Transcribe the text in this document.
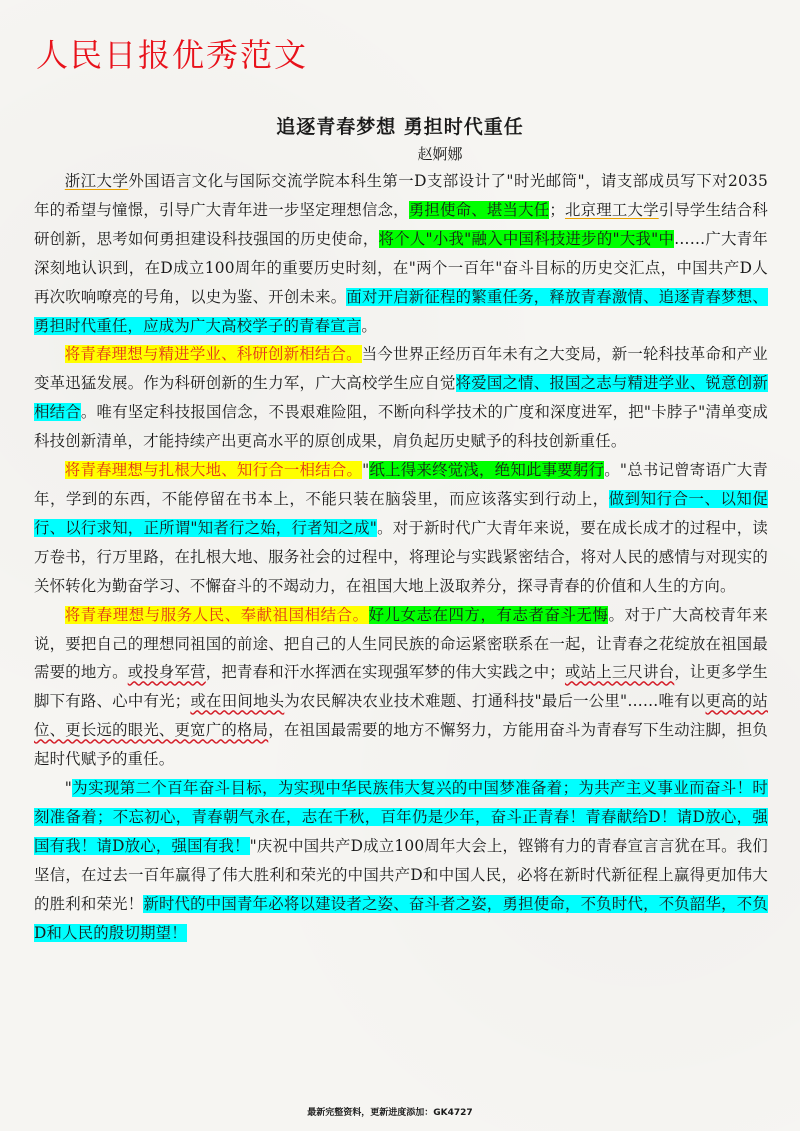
人民日报优秀范文
追逐青春梦想 勇担时代重任
赵婀娜

浙江大学外国语言文化与国际交流学院本科生第一D支部设计了"时光邮筒"，请支部成员写下对2035年的希望与憧憬，引导广大青年进一步坚定理想信念，勇担使命、堪当大任；北京理工大学引导学生结合科研创新，思考如何勇担建设科技强国的历史使命，将个人"小我"融入中国科技进步的"大我"中……广大青年深刻地认识到，在D成立100周年的重要历史时刻，在"两个一百年"奋斗目标的历史交汇点，中国共产D人再次吹响嘹亮的号角，以史为鉴、开创未来。面对开启新征程的繁重任务，释放青春激情、追逐青春梦想、勇担时代重任，应成为广大高校学子的青春宣言。

将青春理想与精进学业、科研创新相结合。当今世界正经历百年未有之大变局，新一轮科技革命和产业变革迅猛发展。作为科研创新的生力军，广大高校学生应自觉将爱国之情、报国之志与精进学业、锐意创新相结合。唯有坚定科技报国信念，不畏艰难险阻，不断向科学技术的广度和深度进军，把"卡脖子"清单变成科技创新清单，才能持续产出更高水平的原创成果，肩负起历史赋予的科技创新重任。

将青春理想与扎根大地、知行合一相结合。"纸上得来终觉浅，绝知此事要躬行。"总书记曾寄语广大青年，学到的东西，不能停留在书本上，不能只装在脑袋里，而应该落实到行动上，做到知行合一、以知促行、以行求知，正所谓"知者行之始，行者知之成"。对于新时代广大青年来说，要在成长成才的过程中，读万卷书，行万里路，在扎根大地、服务社会的过程中，将理论与实践紧密结合，将对人民的感情与对现实的关怀转化为勤奋学习、不懈奋斗的不竭动力，在祖国大地上汲取养分，探寻青春的价值和人生的方向。

将青春理想与服务人民、奉献祖国相结合。好儿女志在四方，有志者奋斗无悔。对于广大高校青年来说，要把自己的理想同祖国的前途、把自己的人生同民族的命运紧密联系在一起，让青春之花绽放在祖国最需要的地方。或投身军营，把青春和汗水挥洒在实现强军梦的伟大实践之中；或站上三尺讲台，让更多学生脚下有路、心中有光；或在田间地头为农民解决农业技术难题、打通科技"最后一公里"……唯有以更高的站位、更长远的眼光、更宽广的格局，在祖国最需要的地方不懈努力，方能用奋斗为青春写下生动注脚，担负起时代赋予的重任。

"为实现第二个百年奋斗目标，为实现中华民族伟大复兴的中国梦准备着；为共产主义事业而奋斗！时刻准备着；不忘初心，青春朝气永在，志在千秋，百年仍是少年，奋斗正青春！青春献给D！请D放心，强国有我！请D放心，强国有我！"庆祝中国共产D成立100周年大会上，铿锵有力的青春宣言言犹在耳。我们坚信，在过去一百年赢得了伟大胜利和荣光的中国共产D和中国人民，必将在新时代新征程上赢得更加伟大的胜利和荣光！新时代的中国青年必将以建设者之姿、奋斗者之姿，勇担使命，不负时代，不负韶华，不负D和人民的殷切期望！

最新完整资料，更新进度添加：GK4727
